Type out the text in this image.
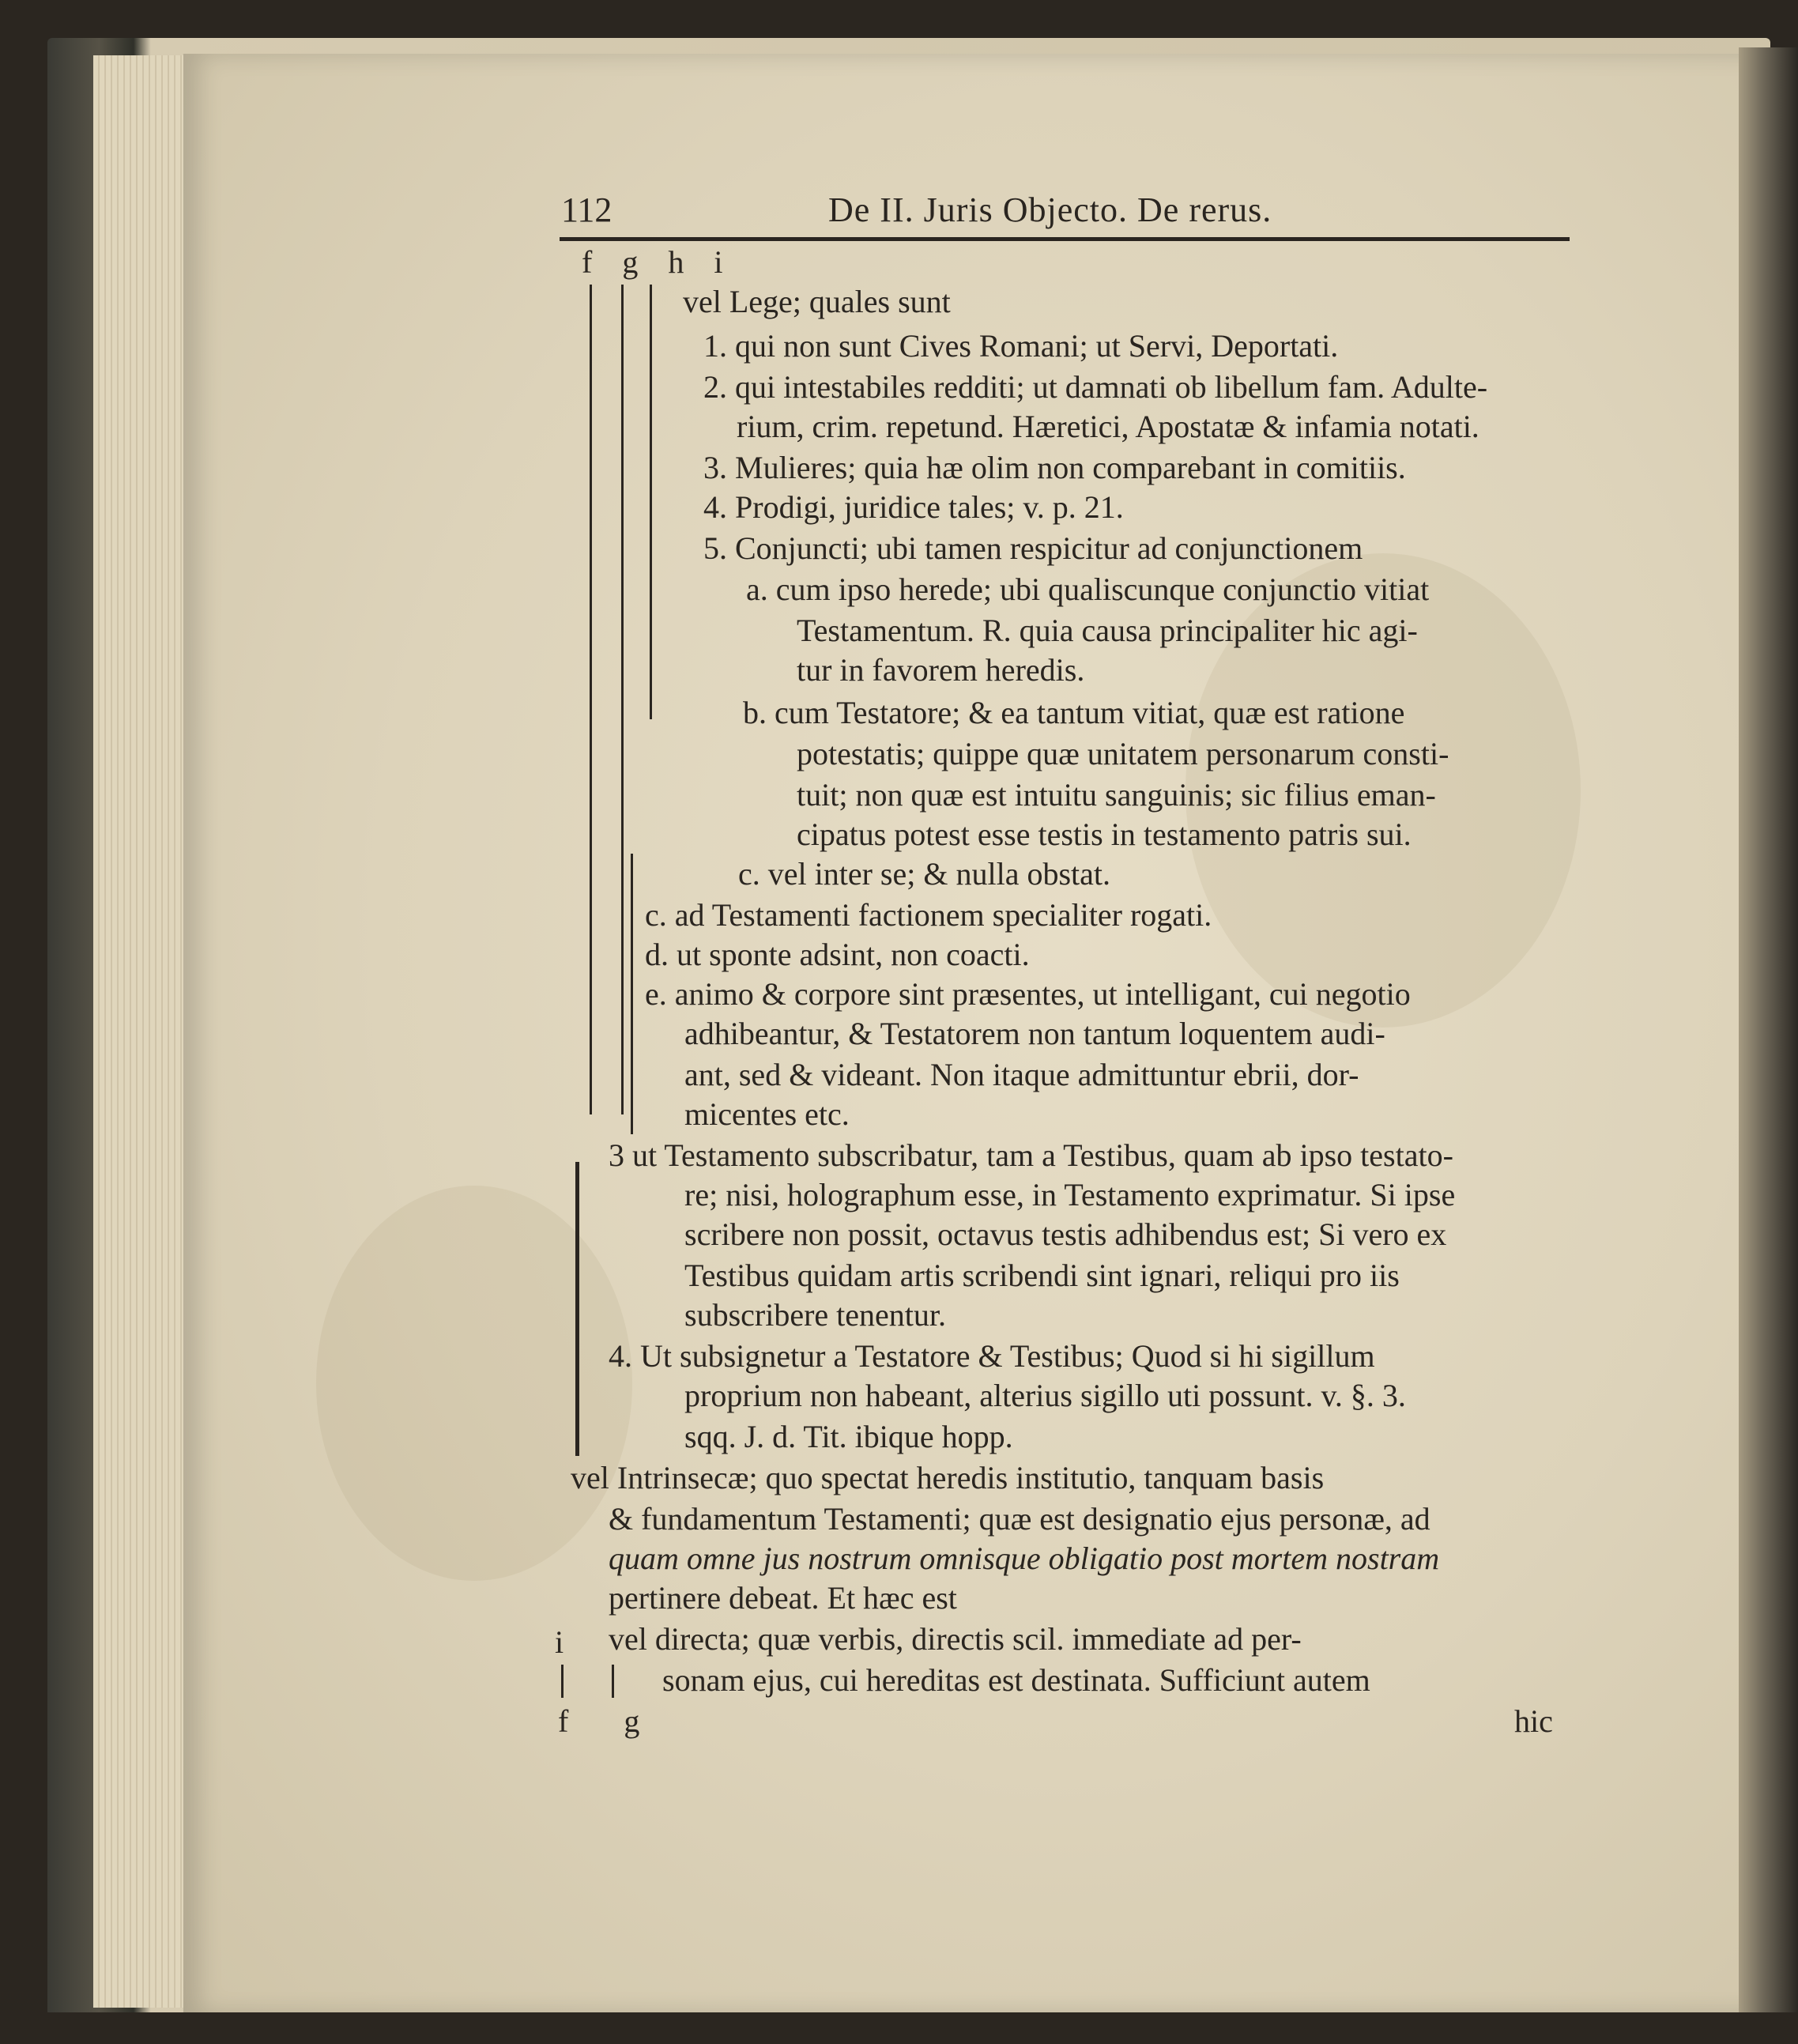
112	De II. Juris Objecto. De rerus.
f g h i
vel Lege; quales sunt
1. qui non sunt Cives Romani; ut Servi, Deportati.
2. qui intestabiles redditi; ut damnati ob libellum fam. Adulte-
rium, crim. repetund. Hæretici, Apostatæ & infamia notati.
3. Mulieres; quia hæ olim non comparebant in comitiis.
4. Prodigi, juridice tales; v. p. 21.
5. Conjuncti; ubi tamen respicitur ad conjunctionem
a. cum ipso herede; ubi qualiscunque conjunctio vitiat
Testamentum. R. quia causa principaliter hic agi-
tur in favorem heredis.
b. cum Testatore; & ea tantum vitiat, quæ est ratione
potestatis; quippe quæ unitatem personarum consti-
tuit; non quæ est intuitu sanguinis; sic filius eman-
cipatus potest esse testis in testamento patris sui.
c. vel inter se; & nulla obstat.
c. ad Testamenti factionem specialiter rogati.
d. ut sponte adsint, non coacti.
e. animo & corpore sint præsentes, ut intelligant, cui negotio
adhibeantur, & Testatorem non tantum loquentem audi-
ant, sed & videant. Non itaque admittuntur ebrii, dor-
micentes etc.
3 ut Testamento subscribatur, tam a Testibus, quam ab ipso testato-
re; nisi, holographum esse, in Testamento exprimatur. Si ipse
scribere non possit, octavus testis adhibendus est; Si vero ex
Testibus quidam artis scribendi sint ignari, reliqui pro iis
subscribere tenentur.
4. Ut subsignetur a Testatore & Testibus; Quod si hi sigillum
proprium non habeant, alterius sigillo uti possunt. v. §. 3.
sqq. J. d. Tit. ibique hopp.
vel Intrinsecæ; quo spectat heredis institutio, tanquam basis
& fundamentum Testamenti; quæ est designatio ejus personæ, ad
quam omne jus nostrum omnisque obligatio post mortem nostram
pertinere debeat. Et hæc est
i vel directa; quæ verbis, directis scil. immediate ad per-
sonam ejus, cui hereditas est destinata. Sufficiunt autem
f g	hic
